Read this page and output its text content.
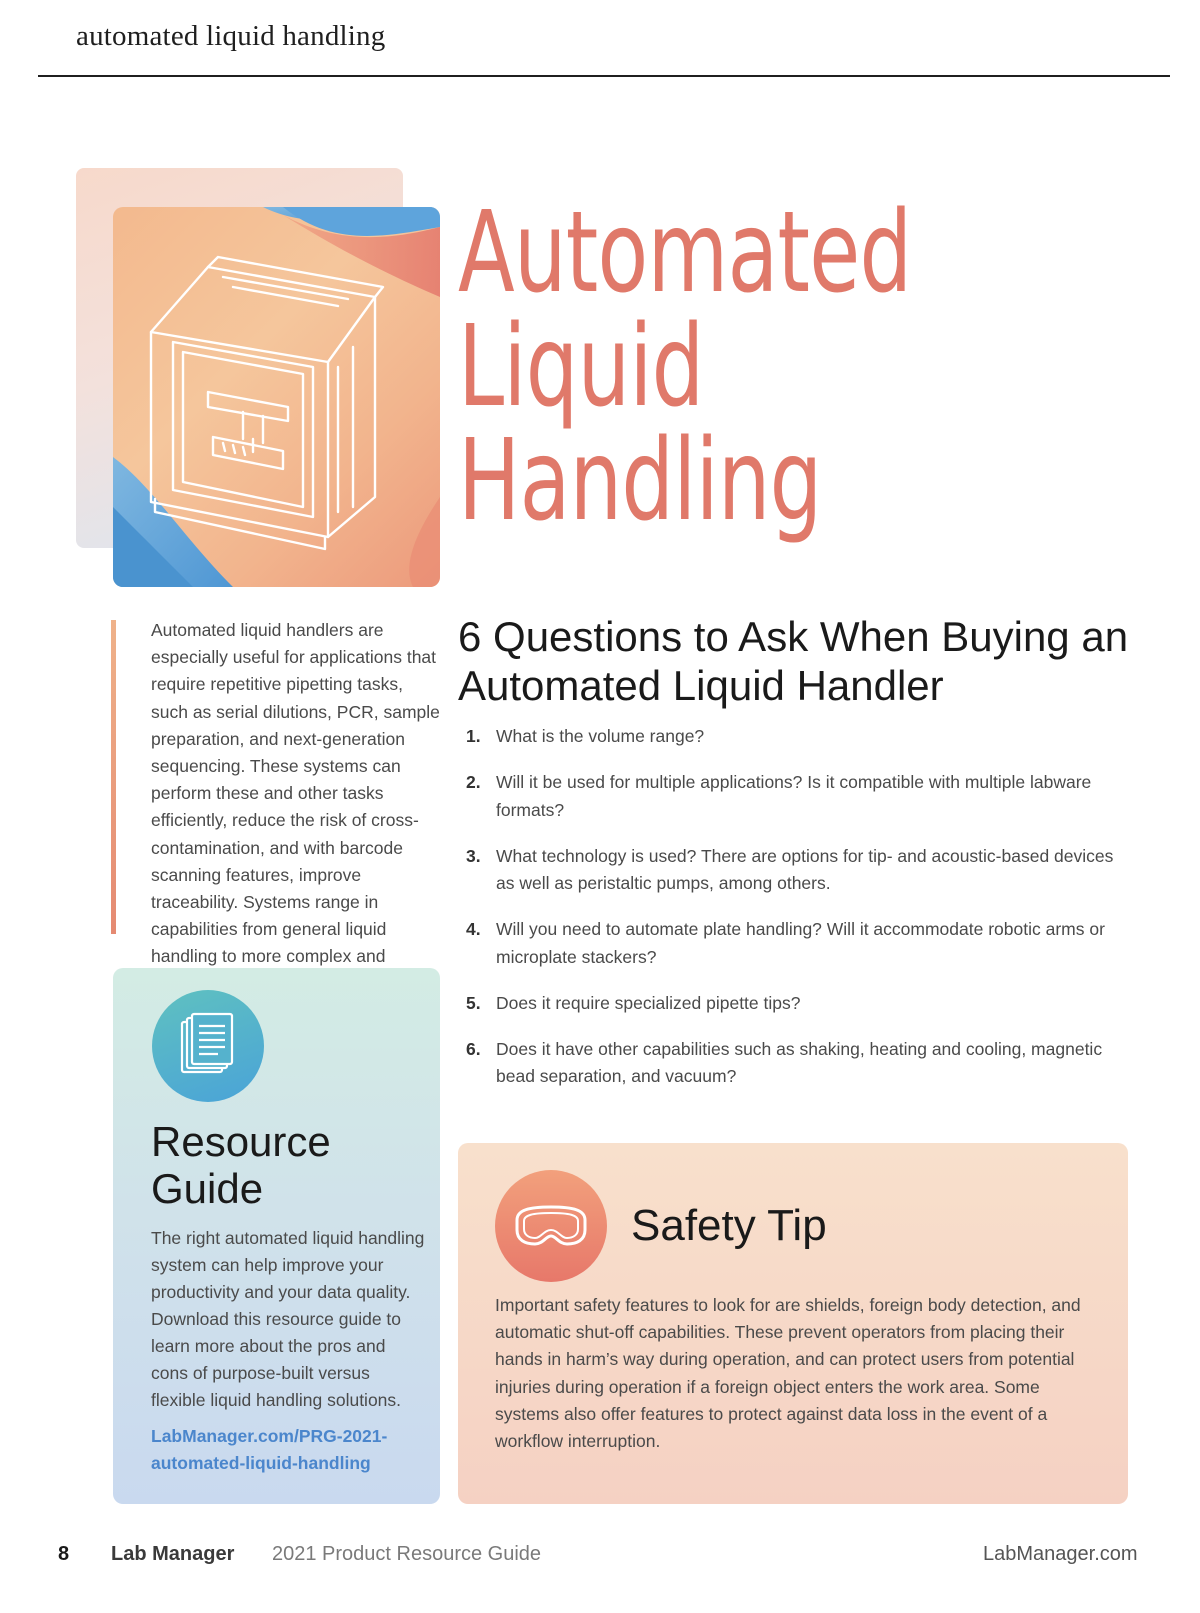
automated liquid handling
Automated Liquid Handling
Automated liquid handlers are especially useful for applications that require repetitive pipetting tasks, such as serial dilutions, PCR, sample preparation, and next-generation sequencing. These systems can perform these and other tasks efficiently, reduce the risk of cross-contamination, and with barcode scanning features, improve traceability. Systems range in capabilities from general liquid handling to more complex and
6 Questions to Ask When Buying an Automated Liquid Handler
1. What is the volume range?
2. Will it be used for multiple applications? Is it compatible with multiple labware formats?
3. What technology is used? There are options for tip- and acoustic-based devices as well as peristaltic pumps, among others.
4. Will you need to automate plate handling? Will it accommodate robotic arms or microplate stackers?
5. Does it require specialized pipette tips?
6. Does it have other capabilities such as shaking, heating and cooling, magnetic bead separation, and vacuum?
Resource Guide
The right automated liquid handling system can help improve your productivity and your data quality. Download this resource guide to learn more about the pros and cons of purpose-built versus flexible liquid handling solutions.
LabManager.com/PRG-2021-automated-liquid-handling
Safety Tip
Important safety features to look for are shields, foreign body detection, and automatic shut-off capabilities. These prevent operators from placing their hands in harm’s way during operation, and can protect users from potential injuries during operation if a foreign object enters the work area. Some systems also offer features to protect against data loss in the event of a workflow interruption.
8 Lab Manager 2021 Product Resource Guide	LabManager.com
